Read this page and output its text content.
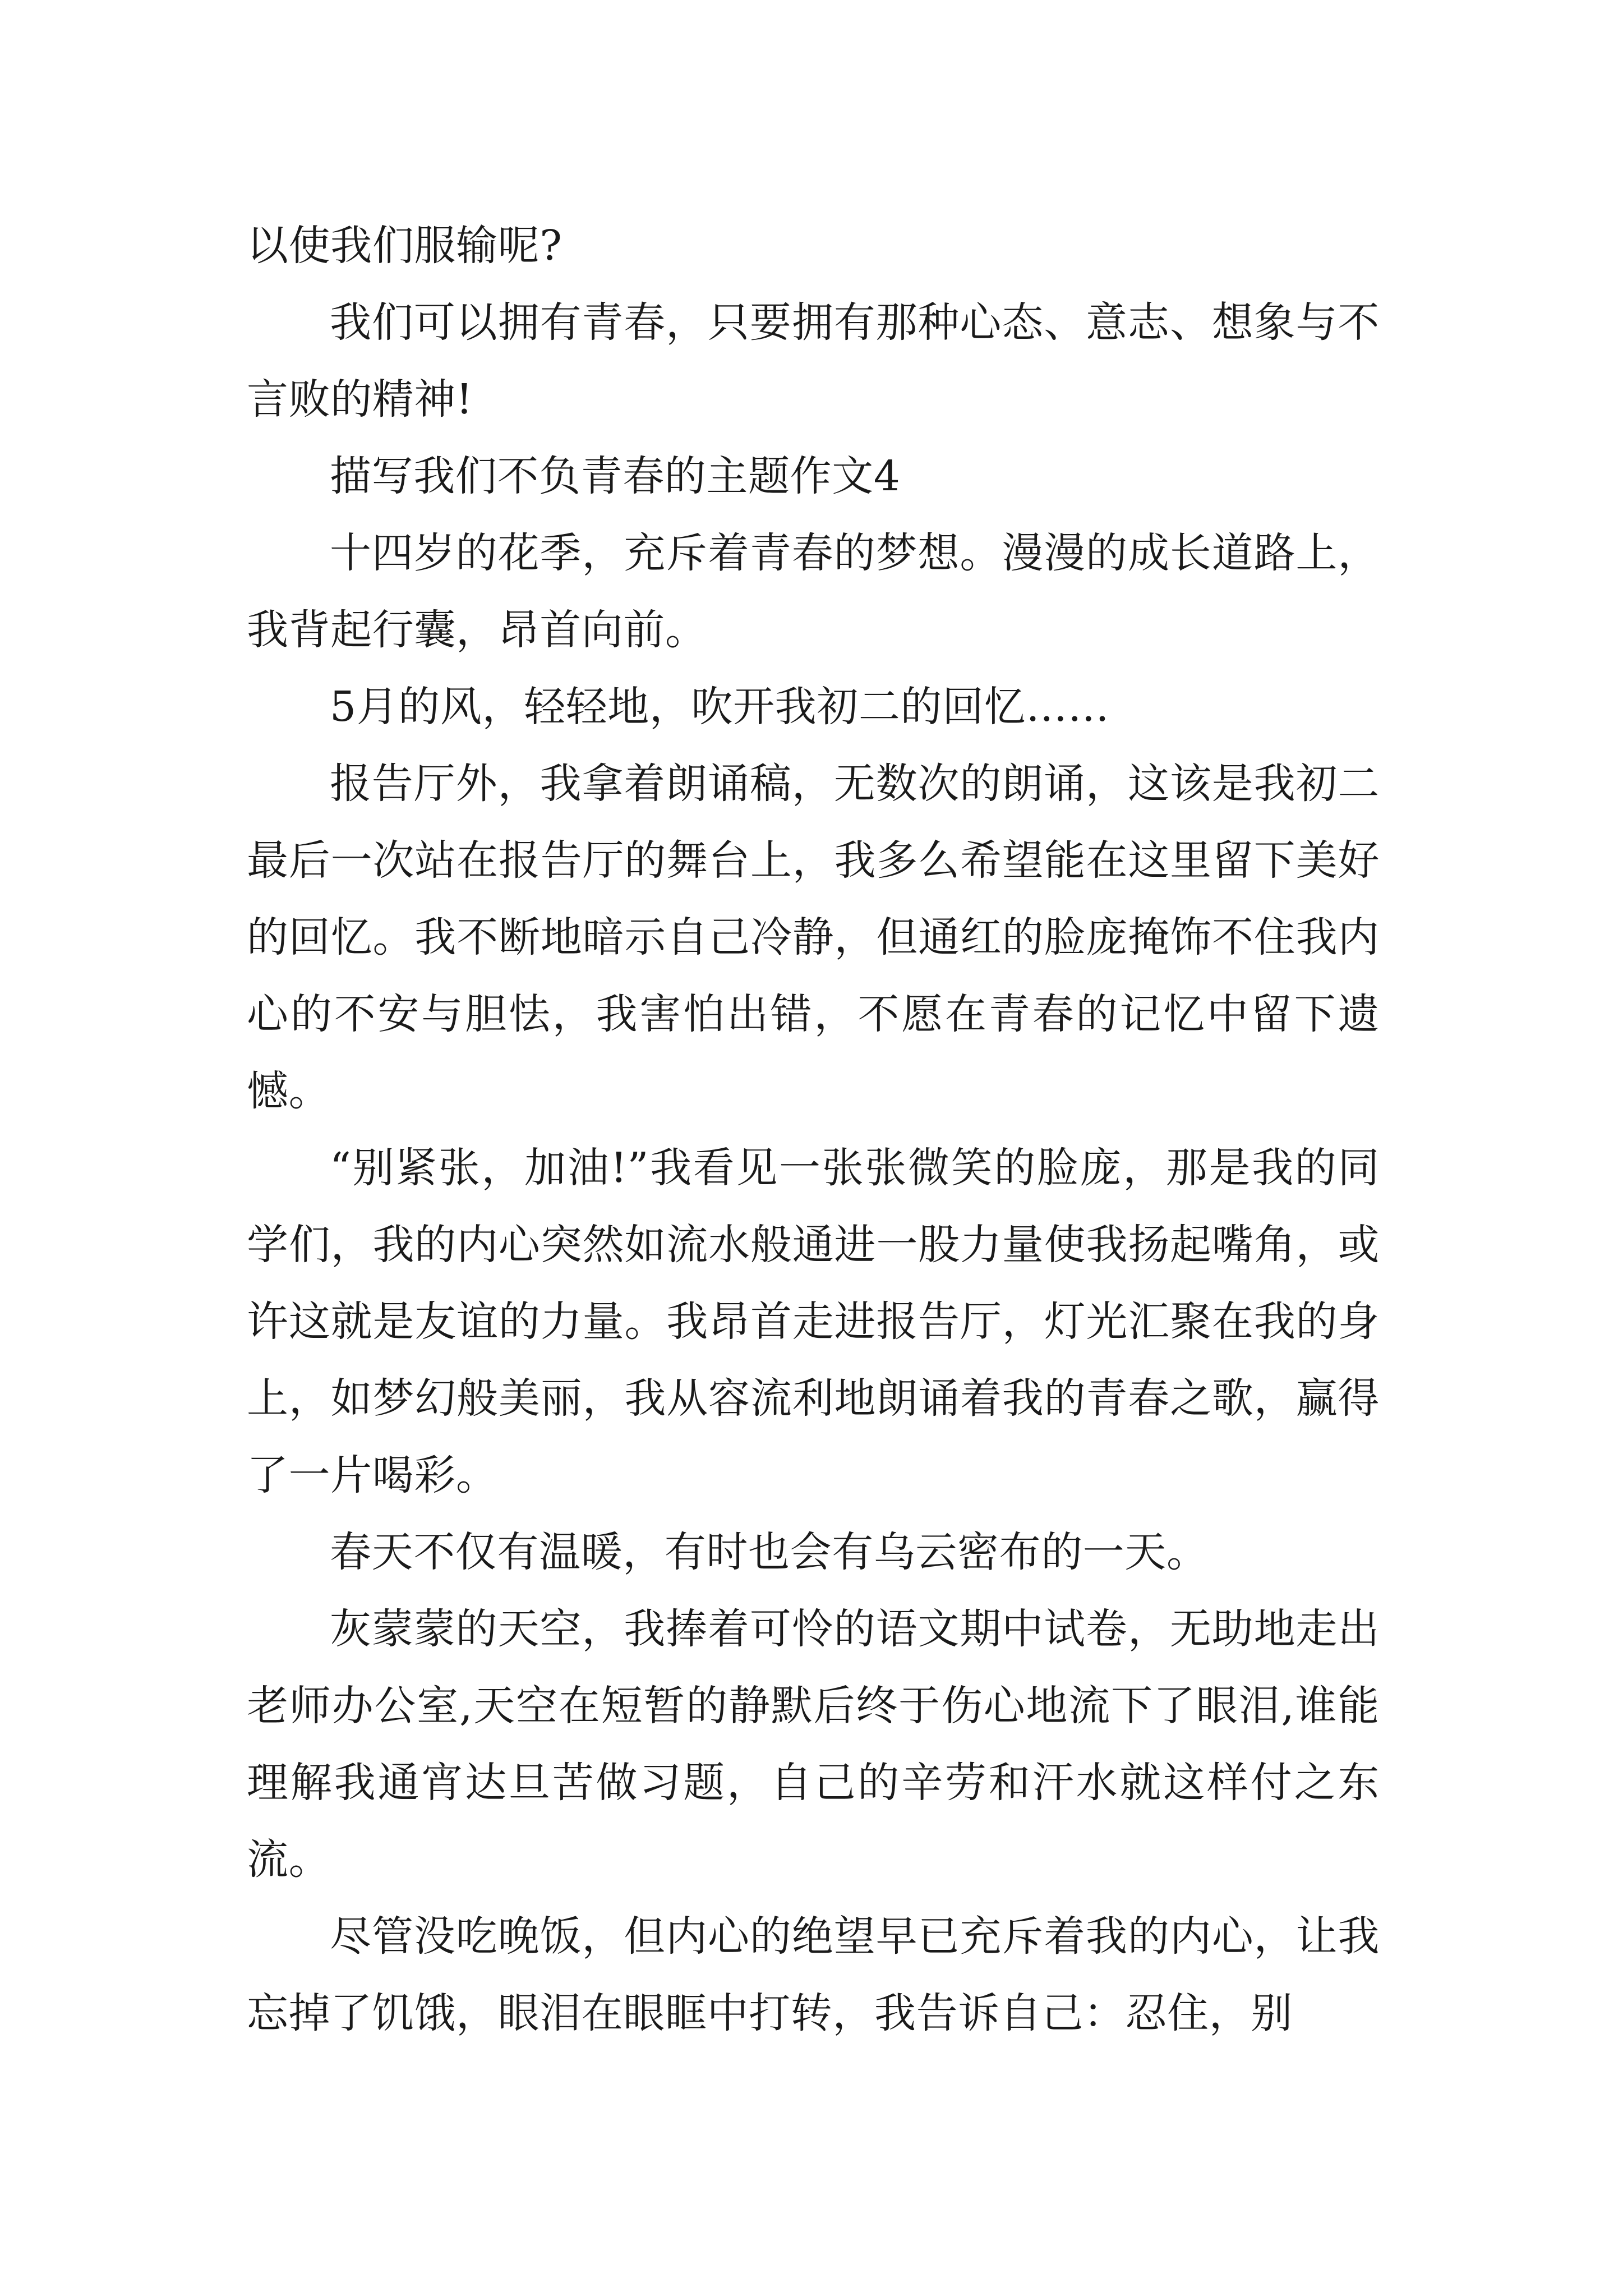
以使我们服输呢?

我们可以拥有青春，只要拥有那种心态、意志、想象与不言败的精神!

描写我们不负青春的主题作文4

十四岁的花季，充斥着青春的梦想。漫漫的成长道路上，我背起行囊，昂首向前。

5月的风，轻轻地，吹开我初二的回忆……

报告厅外，我拿着朗诵稿，无数次的朗诵，这该是我初二最后一次站在报告厅的舞台上，我多么希望能在这里留下美好的回忆。我不断地暗示自己冷静，但通红的脸庞掩饰不住我内心的不安与胆怯，我害怕出错，不愿在青春的记忆中留下遗憾。

“别紧张，加油!”我看见一张张微笑的脸庞，那是我的同学们，我的内心突然如流水般通进一股力量使我扬起嘴角，或许这就是友谊的力量。我昂首走进报告厅，灯光汇聚在我的身上，如梦幻般美丽，我从容流利地朗诵着我的青春之歌，赢得了一片喝彩。

春天不仅有温暖，有时也会有乌云密布的一天。

灰蒙蒙的天空，我捧着可怜的语文期中试卷，无助地走出老师办公室,天空在短暂的静默后终于伤心地流下了眼泪,谁能理解我通宵达旦苦做习题，自己的辛劳和汗水就这样付之东流。

尽管没吃晚饭，但内心的绝望早已充斥着我的内心，让我忘掉了饥饿，眼泪在眼眶中打转，我告诉自己：忍住，别
